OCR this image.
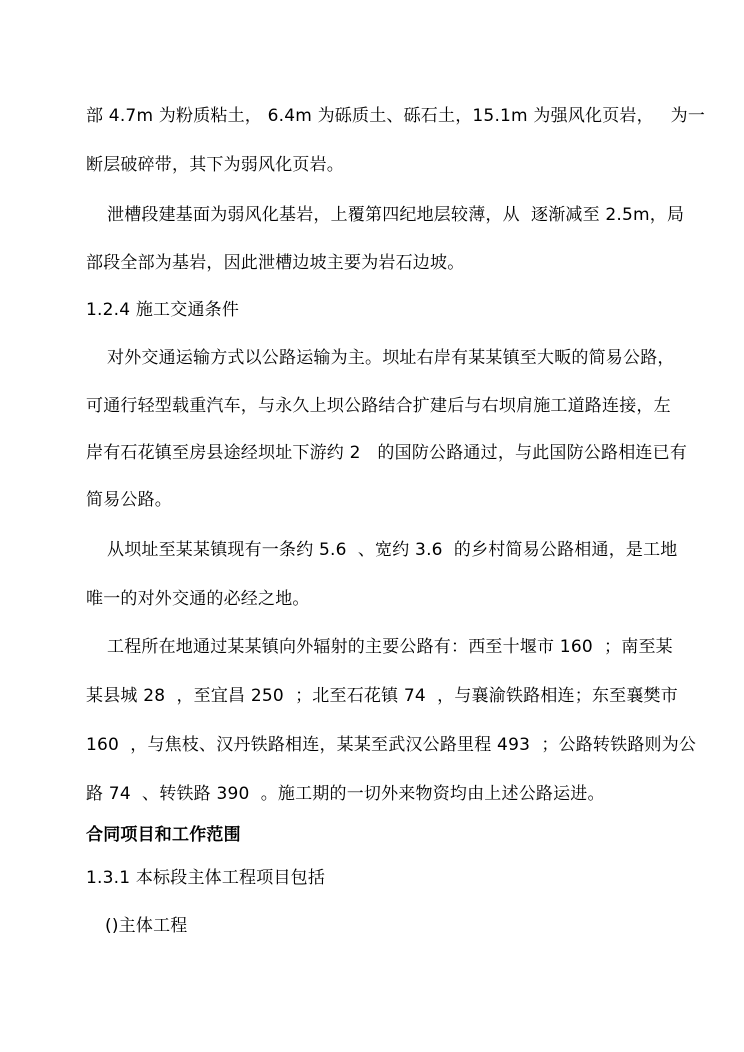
部 4.7m 为粉质粘土， 6.4m 为砾质土、砾石土，15.1m 为强风化页岩，   为一
断层破碎带，其下为弱风化页岩。
泄槽段建基面为弱风化基岩，上覆第四纪地层较薄，从  逐渐减至 2.5m，局
部段全部为基岩，因此泄槽边坡主要为岩石边坡。
1.2.4 施工交通条件
对外交通运输方式以公路运输为主。坝址右岸有某某镇至大畈的简易公路，
可通行轻型载重汽车，与永久上坝公路结合扩建后与右坝肩施工道路连接，左
岸有石花镇至房县途经坝址下游约 2   的国防公路通过，与此国防公路相连已有
简易公路。
从坝址至某某镇现有一条约 5.6  、宽约 3.6  的乡村简易公路相通，是工地
唯一的对外交通的必经之地。
工程所在地通过某某镇向外辐射的主要公路有：西至十堰市 160  ；南至某
某县城 28  ，至宜昌 250  ；北至石花镇 74  ，与襄渝铁路相连；东至襄樊市
160  ，与焦枝、汉丹铁路相连，某某至武汉公路里程 493  ；公路转铁路则为公
路 74  、转铁路 390  。施工期的一切外来物资均由上述公路运进。
合同项目和工作范围
1.3.1 本标段主体工程项目包括
()主体工程
